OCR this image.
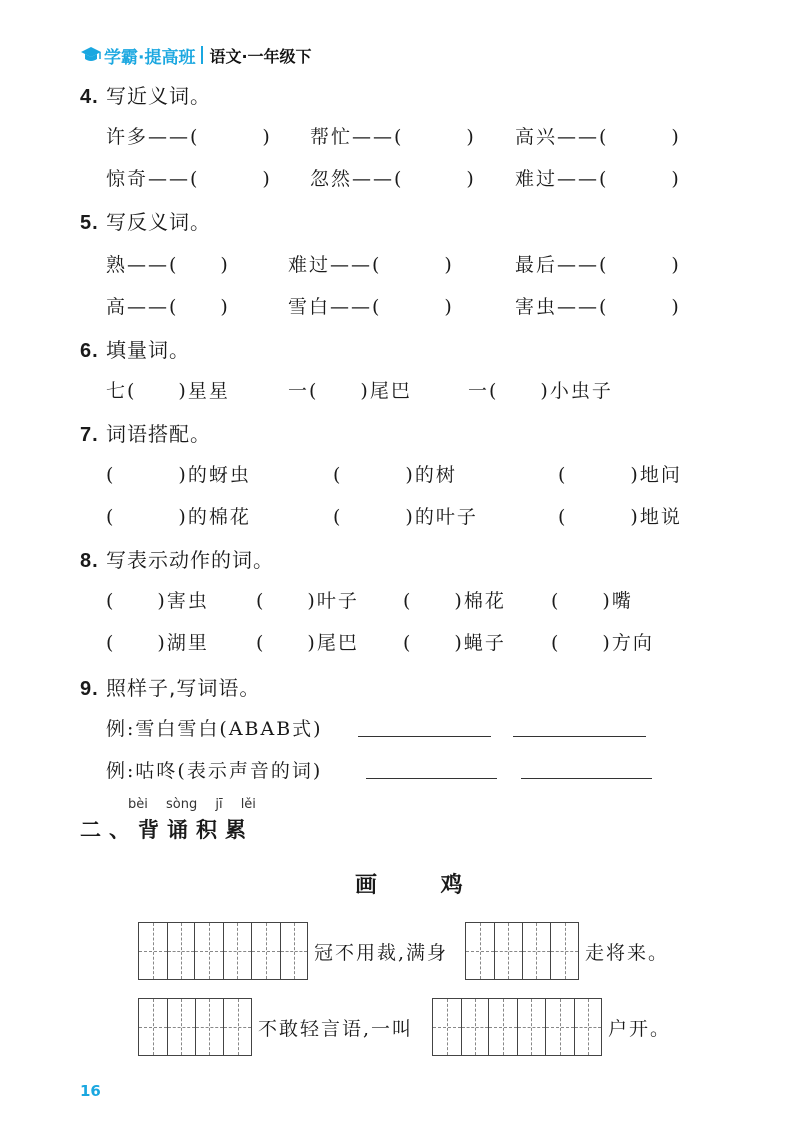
学霸·提高班 语文·一年级下
4. 写近义词。
许多——(　　　) 帮忙——(　　　) 高兴——(　　　)
惊奇——(　　　) 忽然——(　　　) 难过——(　　　)
5. 写反义词。
熟——(　　)	难过——(　　　)	最后——(　　　)
高——(　　)	雪白——(　　　)	害虫——(　　　)
6. 填量词。
七(　　)星星	一(　　)尾巴	一(　　)小虫子
7. 词语搭配。
(　　　)的蚜虫	(　　　)的树	(　　　)地问
(　　　)的棉花	(　　　)的叶子	(　　　)地说
8. 写表示动作的词。
(　　)害虫 (　　)叶子 (　　)棉花 (　　)嘴
(　　)湖里 (　　)尾巴 (　　)蝇子 (　　)方向
9. 照样子,写词语。
例:雪白雪白(ABAB式)
例:咕咚(表示声音的词)
bèi sòng jī lěi
二、背诵积累
画 鸡
冠不用裁,满身	走将来。
不敢轻言语,一叫	户开。
16
